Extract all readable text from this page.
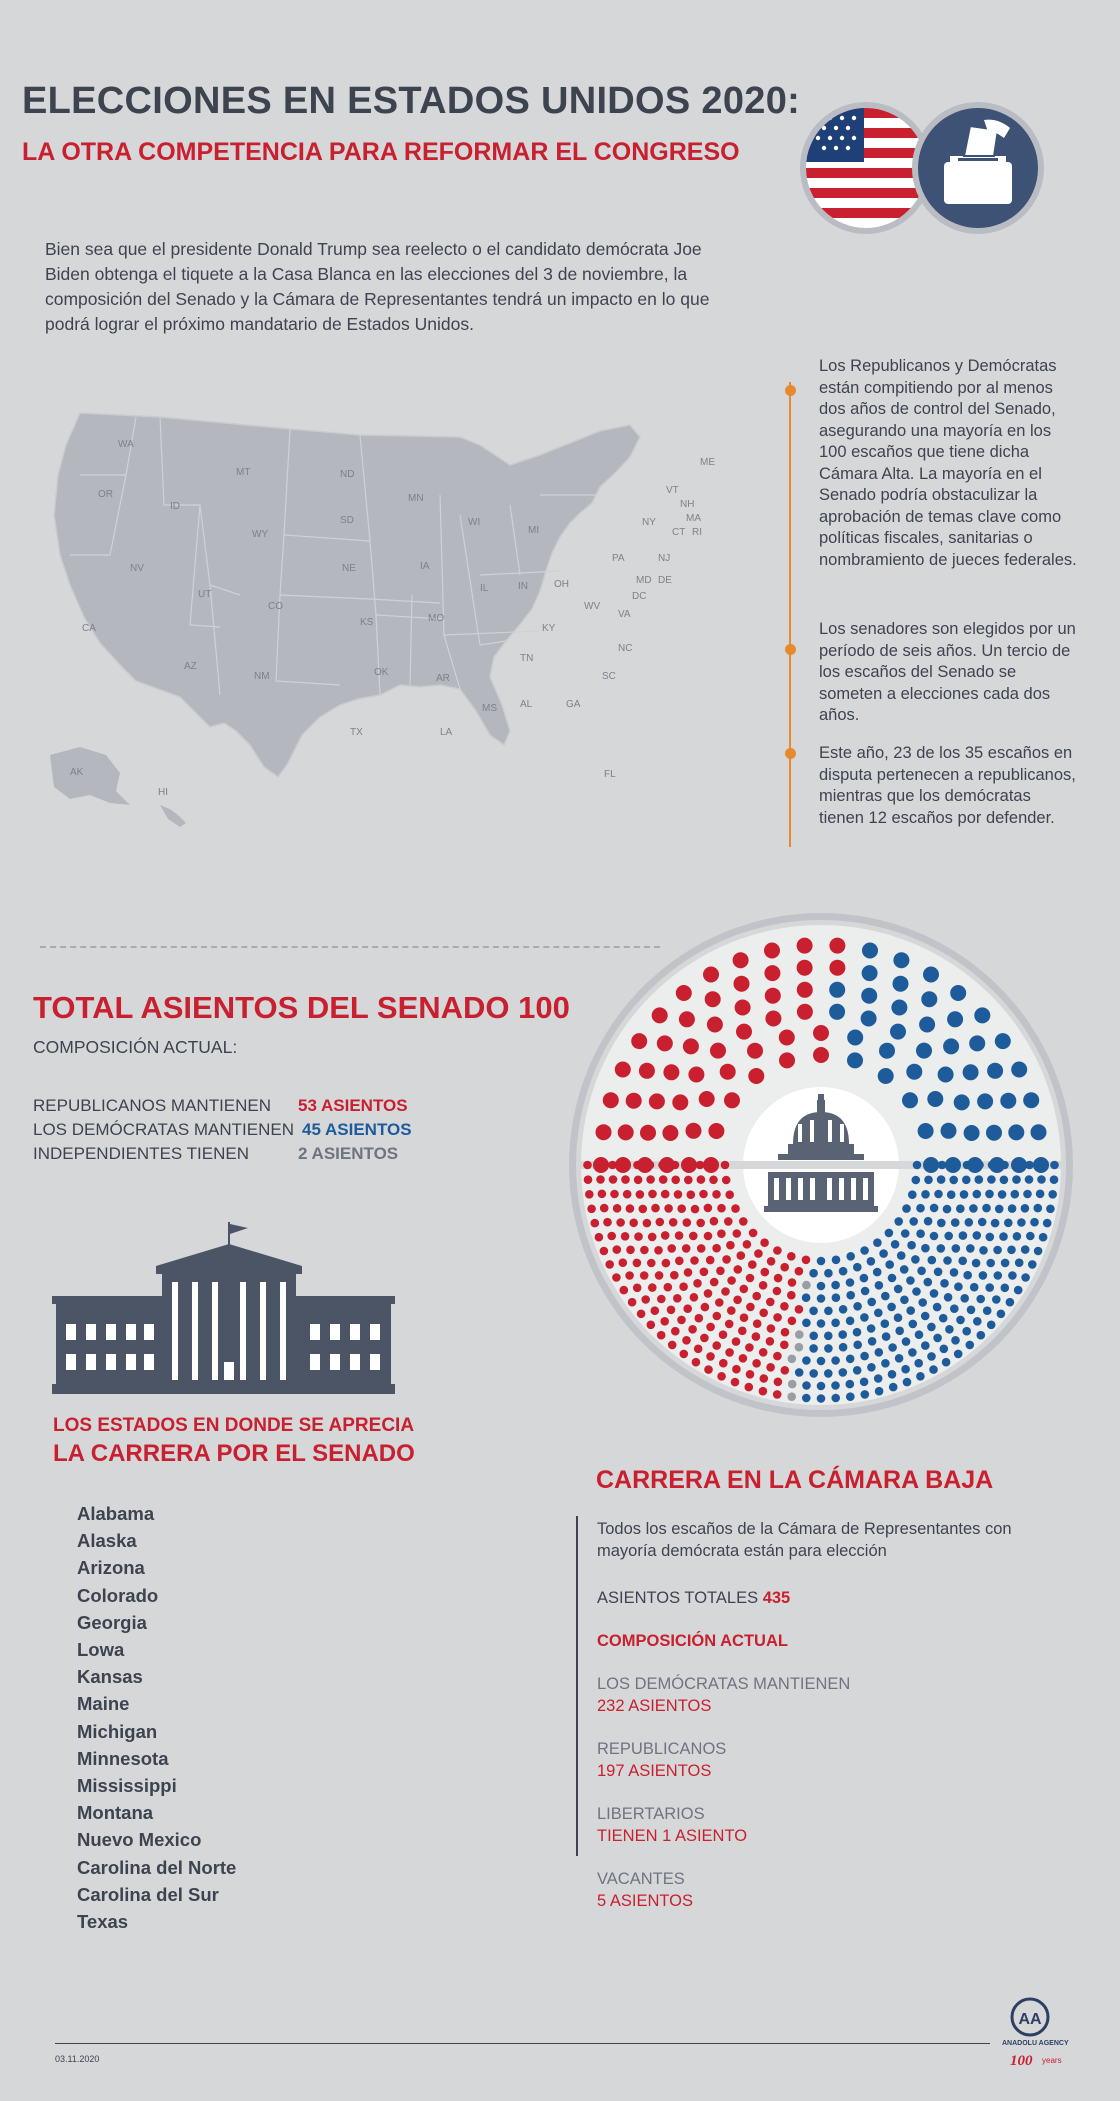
ELECCIONES EN ESTADOS UNIDOS 2020:
LA OTRA COMPETENCIA PARA REFORMAR EL CONGRESO
Bien sea que el presidente Donald Trump sea reelecto o el candidato demócrata Joe Biden obtenga el tiquete a la Casa Blanca en las elecciones del 3 de noviembre, la composición del Senado y la Cámara de Representantes tendrá un impacto en lo que podrá lograr el próximo mandatario de Estados Unidos.
WA
OR
CA
ID
NV
MT
WY
UT
AZ
ND
SD
NE
CO
NM
MN
IA
KS
OK
TX
WI
IL
MO
AR
LA
MI
IN
KY
TN
MS AL	GA
FL
OH
WV
VA
NC
SC
PA
NY
VT
NH
ME
MA
CT RI
NJ
DE
MD
DC
AK
HI
Los Republicanos y Demócratas están compitiendo por al menos dos años de control del Senado, asegurando una mayoría en los 100 escaños que tiene dicha Cámara Alta. La mayoría en el Senado podría obstaculizar la aprobación de temas clave como políticas fiscales, sanitarias o nombramiento de jueces federales.
Los senadores son elegidos por un período de seis años. Un tercio de los escaños del Senado se someten a elecciones cada dos años.
Este año, 23 de los 35 escaños en disputa pertenecen a republicanos, mientras que los demócratas tienen 12 escaños por defender.
TOTAL ASIENTOS DEL SENADO 100
COMPOSICIÓN ACTUAL:
REPUBLICANOS MANTIENEN 53 ASIENTOS
LOS DEMÓCRATAS MANTIENEN 45 ASIENTOS
INDEPENDIENTES TIENEN	2 ASIENTOS
LOS ESTADOS EN DONDE SE APRECIA
LA CARRERA POR EL SENADO
Alabama
Alaska
Arizona
Colorado
Georgia
Lowa
Kansas
Maine
Michigan
Minnesota
Mississippi
Montana
Nuevo Mexico
Carolina del Norte
Carolina del Sur
Texas
CARRERA EN LA CÁMARA BAJA
Todos los escaños de la Cámara de Representantes con mayoría demócrata están para elección
ASIENTOS TOTALES 435
COMPOSICIÓN ACTUAL
LOS DEMÓCRATAS MANTIENEN
232 ASIENTOS
REPUBLICANOS
197 ASIENTOS
LIBERTARIOS
TIENEN 1 ASIENTO
VACANTES
5 ASIENTOS
03.11.2020
AA
ANADOLU AGENCY
100 years
